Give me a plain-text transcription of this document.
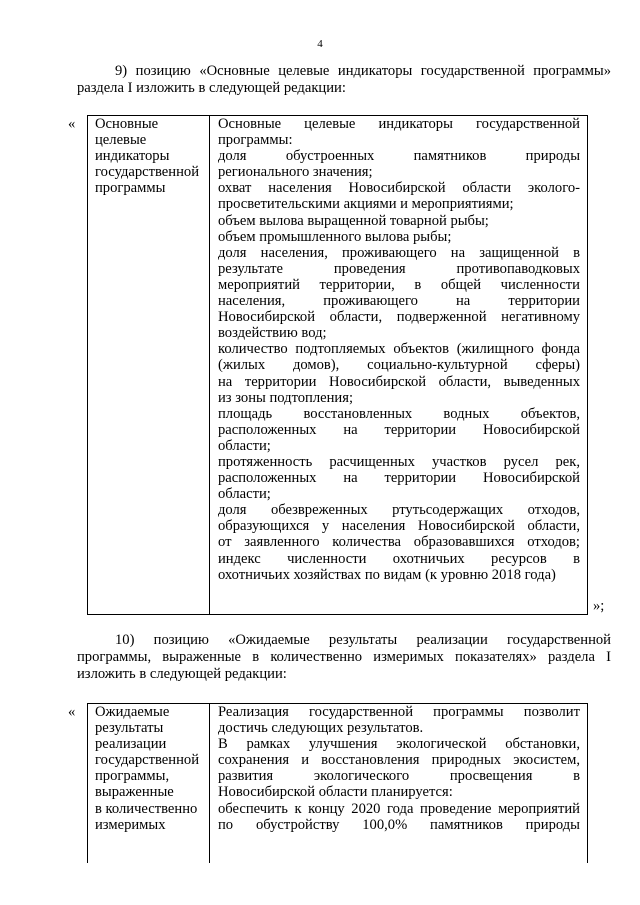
4
9) позицию «Основные целевые индикаторы государственной программы»
раздела I изложить в следующей редакции:
« Основные
целевые
индикаторы
государственной
программы
Основные целевые индикаторы государственной
программы:
доля обустроенных памятников природы
регионального значения;
охват населения Новосибирской области эколого-
просветительскими акциями и мероприятиями;
объем вылова выращенной товарной рыбы;
объем промышленного вылова рыбы;
доля населения, проживающего на защищенной в
результате проведения противопаводковых
мероприятий территории, в общей численности
населения, проживающего на территории
Новосибирской области, подверженной негативному
воздействию вод;
количество подтопляемых объектов (жилищного фонда
(жилых домов), социально-культурной сферы)
на территории Новосибирской области, выведенных
из зоны подтопления;
площадь восстановленных водных объектов,
расположенных на территории Новосибирской
области;
протяженность расчищенных участков русел рек,
расположенных на территории Новосибирской
области;
доля обезвреженных ртутьсодержащих отходов,
образующихся у населения Новосибирской области,
от заявленного количества образовавшихся отходов;
индекс численности охотничьих ресурсов в
охотничьих хозяйствах по видам (к уровню 2018 года)
»;
10) позицию «Ожидаемые результаты реализации государственной
программы, выраженные в количественно измеримых показателях» раздела I
изложить в следующей редакции:
« Ожидаемые
результаты
реализации
государственной
программы,
выраженные
в количественно
измеримых
Реализация государственной программы позволит
достичь следующих результатов.
В рамках улучшения экологической обстановки,
сохранения и восстановления природных экосистем,
развития экологического просвещения в
Новосибирской области планируется:
обеспечить к концу 2020 года проведение мероприятий
по обустройству 100,0% памятников природы
